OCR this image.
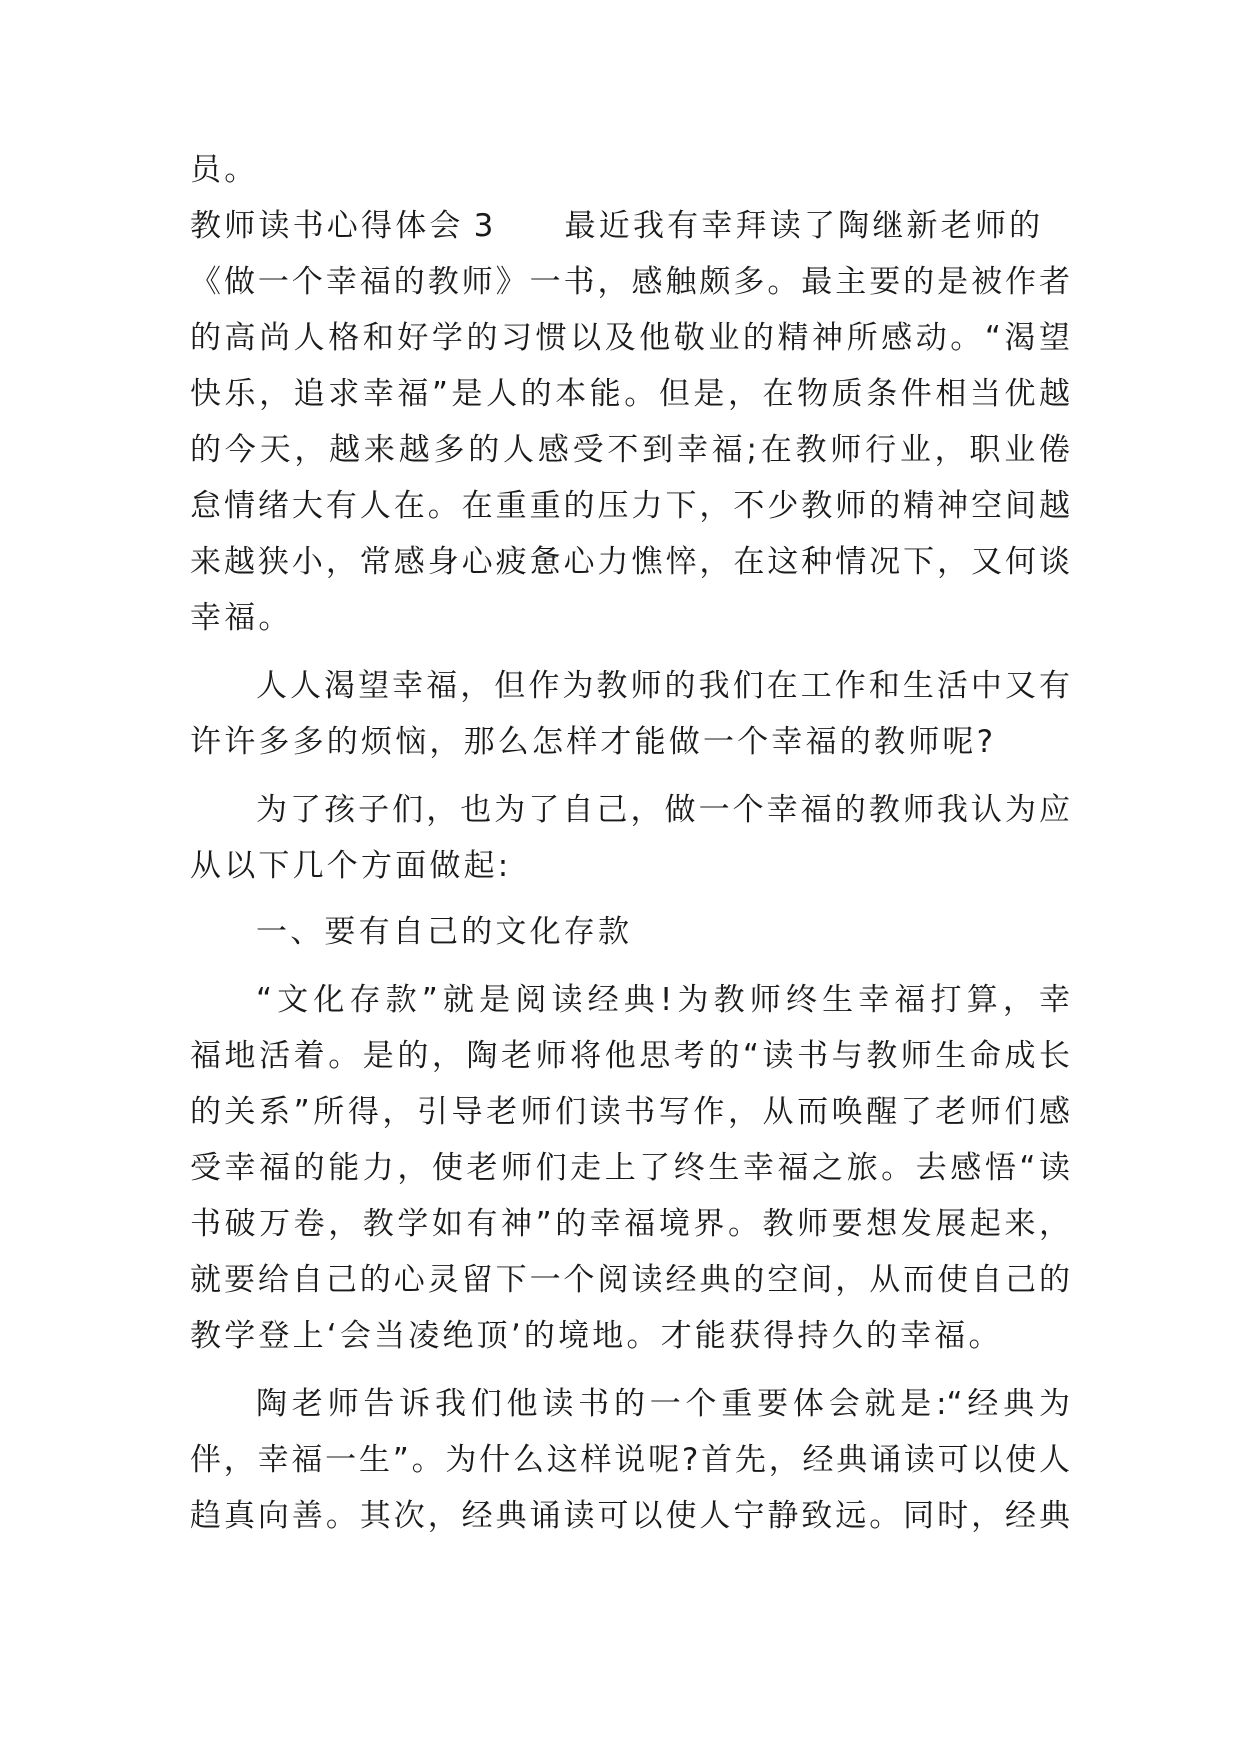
员。
教师读书心得体会 3 最近我有幸拜读了陶继新老师的
《做一个幸福的教师》一书，感触颇多。最主要的是被作者
的高尚人格和好学的习惯以及他敬业的精神所感动。“渴望
快乐，追求幸福”是人的本能。但是，在物质条件相当优越
的今天，越来越多的人感受不到幸福;在教师行业，职业倦
怠情绪大有人在。在重重的压力下，不少教师的精神空间越
来越狭小，常感身心疲惫心力憔悴，在这种情况下，又何谈
幸福。
人人渴望幸福，但作为教师的我们在工作和生活中又有
许许多多的烦恼，那么怎样才能做一个幸福的教师呢?
为了孩子们，也为了自己，做一个幸福的教师我认为应
从以下几个方面做起:
一、要有自己的文化存款
“文化存款”就是阅读经典!为教师终生幸福打算，幸
福地活着。是的，陶老师将他思考的“读书与教师生命成长
的关系”所得，引导老师们读书写作，从而唤醒了老师们感
受幸福的能力，使老师们走上了终生幸福之旅。去感悟“读
书破万卷，教学如有神”的幸福境界。教师要想发展起来，
就要给自己的心灵留下一个阅读经典的空间，从而使自己的
教学登上‘会当凌绝顶’的境地。才能获得持久的幸福。
陶老师告诉我们他读书的一个重要体会就是:“经典为
伴，幸福一生”。为什么这样说呢?首先，经典诵读可以使人
趋真向善。其次，经典诵读可以使人宁静致远。同时，经典
